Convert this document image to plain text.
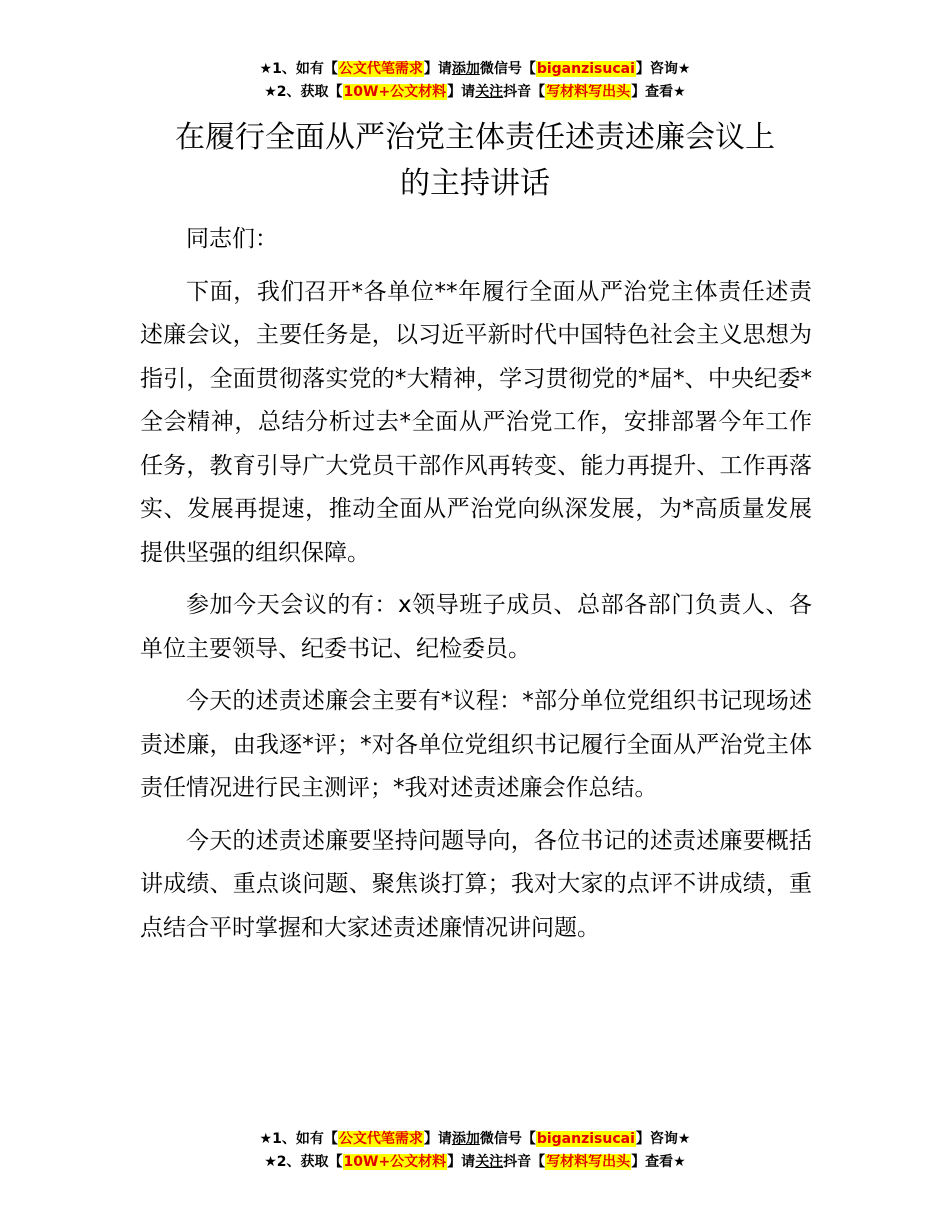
★1、如有【公文代笔需求】请添加微信号【biganzisucai】咨询★
★2、获取【10W+公文材料】请关注抖音【写材料写出头】查看★
在履行全面从严治党主体责任述责述廉会议上
的主持讲话

同志们：

下面，我们召开*各单位**年履行全面从严治党主体责任述责述廉会议，主要任务是，以习近平新时代中国特色社会主义思想为指引，全面贯彻落实党的*大精神，学习贯彻党的*届*、中央纪委*全会精神，总结分析过去*全面从严治党工作，安排部署今年工作任务，教育引导广大党员干部作风再转变、能力再提升、工作再落实、发展再提速，推动全面从严治党向纵深发展，为*高质量发展提供坚强的组织保障。

参加今天会议的有：x领导班子成员、总部各部门负责人、各单位主要领导、纪委书记、纪检委员。

今天的述责述廉会主要有*议程：*部分单位党组织书记现场述责述廉，由我逐*评；*对各单位党组织书记履行全面从严治党主体责任情况进行民主测评；*我对述责述廉会作总结。

今天的述责述廉要坚持问题导向，各位书记的述责述廉要概括讲成绩、重点谈问题、聚焦谈打算；我对大家的点评不讲成绩，重点结合平时掌握和大家述责述廉情况讲问题。

★1、如有【公文代笔需求】请添加微信号【biganzisucai】咨询★
★2、获取【10W+公文材料】请关注抖音【写材料写出头】查看★
